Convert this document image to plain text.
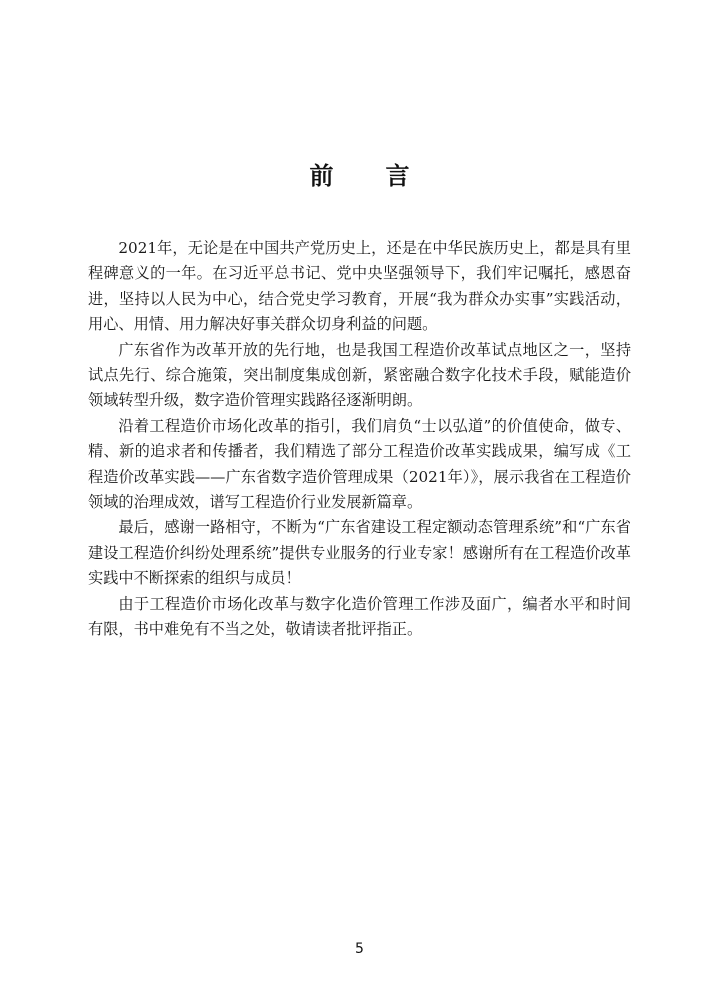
前言

2021年，无论是在中国共产党历史上，还是在中华民族历史上，都是具有里程碑意义的一年。在习近平总书记、党中央坚强领导下，我们牢记嘱托，感恩奋进，坚持以人民为中心，结合党史学习教育，开展“我为群众办实事”实践活动，用心、用情、用力解决好事关群众切身利益的问题。

广东省作为改革开放的先行地，也是我国工程造价改革试点地区之一，坚持试点先行、综合施策，突出制度集成创新，紧密融合数字化技术手段，赋能造价领域转型升级，数字造价管理实践路径逐渐明朗。

沿着工程造价市场化改革的指引，我们肩负“士以弘道”的价值使命，做专、精、新的追求者和传播者，我们精选了部分工程造价改革实践成果，编写成《工程造价改革实践——广东省数字造价管理成果（2021年）》，展示我省在工程造价领域的治理成效，谱写工程造价行业发展新篇章。

最后，感谢一路相守，不断为“广东省建设工程定额动态管理系统”和“广东省建设工程造价纠纷处理系统”提供专业服务的行业专家！感谢所有在工程造价改革实践中不断探索的组织与成员！

由于工程造价市场化改革与数字化造价管理工作涉及面广，编者水平和时间有限，书中难免有不当之处，敬请读者批评指正。

5
